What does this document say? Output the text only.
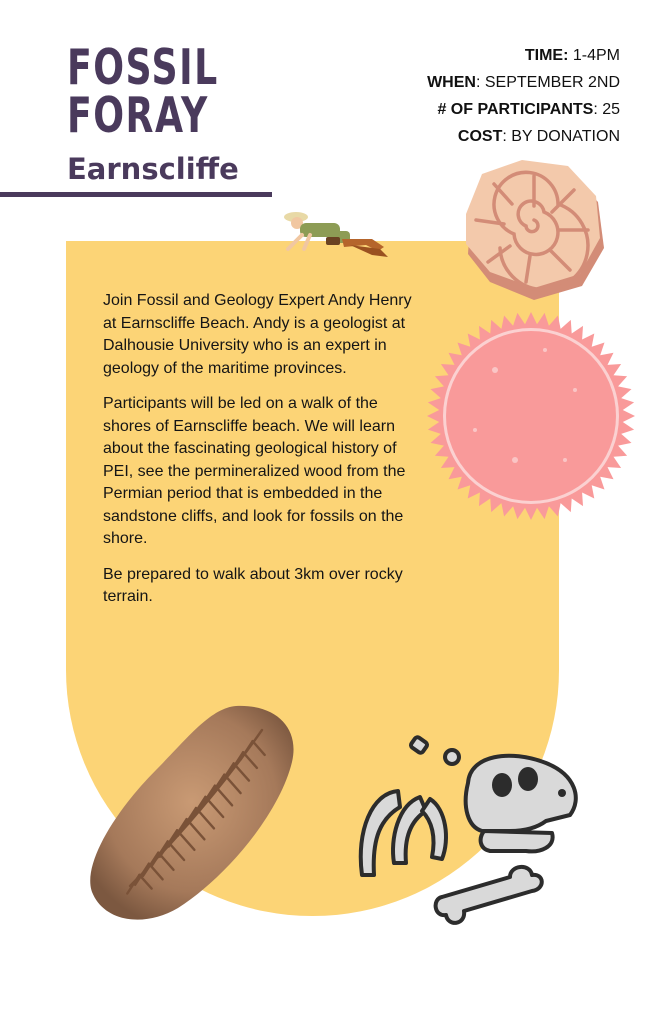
FOSSIL
FORAY
Earnscliffe
TIME: 1-4PM
WHEN: SEPTEMBER 2ND
# OF PARTICIPANTS: 25
COST: BY DONATION

Join Fossil and Geology Expert Andy Henry at Earnscliffe Beach. Andy is a geologist at Dalhousie University who is an expert in geology of the maritime provinces.

Participants will be led on a walk of the shores of Earnscliffe beach. We will learn about the fascinating geological history of PEI, see the permineralized wood from the Permian period that is embedded in the sandstone cliffs, and look for fossils on the shore.

Be prepared to walk about 3km over rocky terrain.
